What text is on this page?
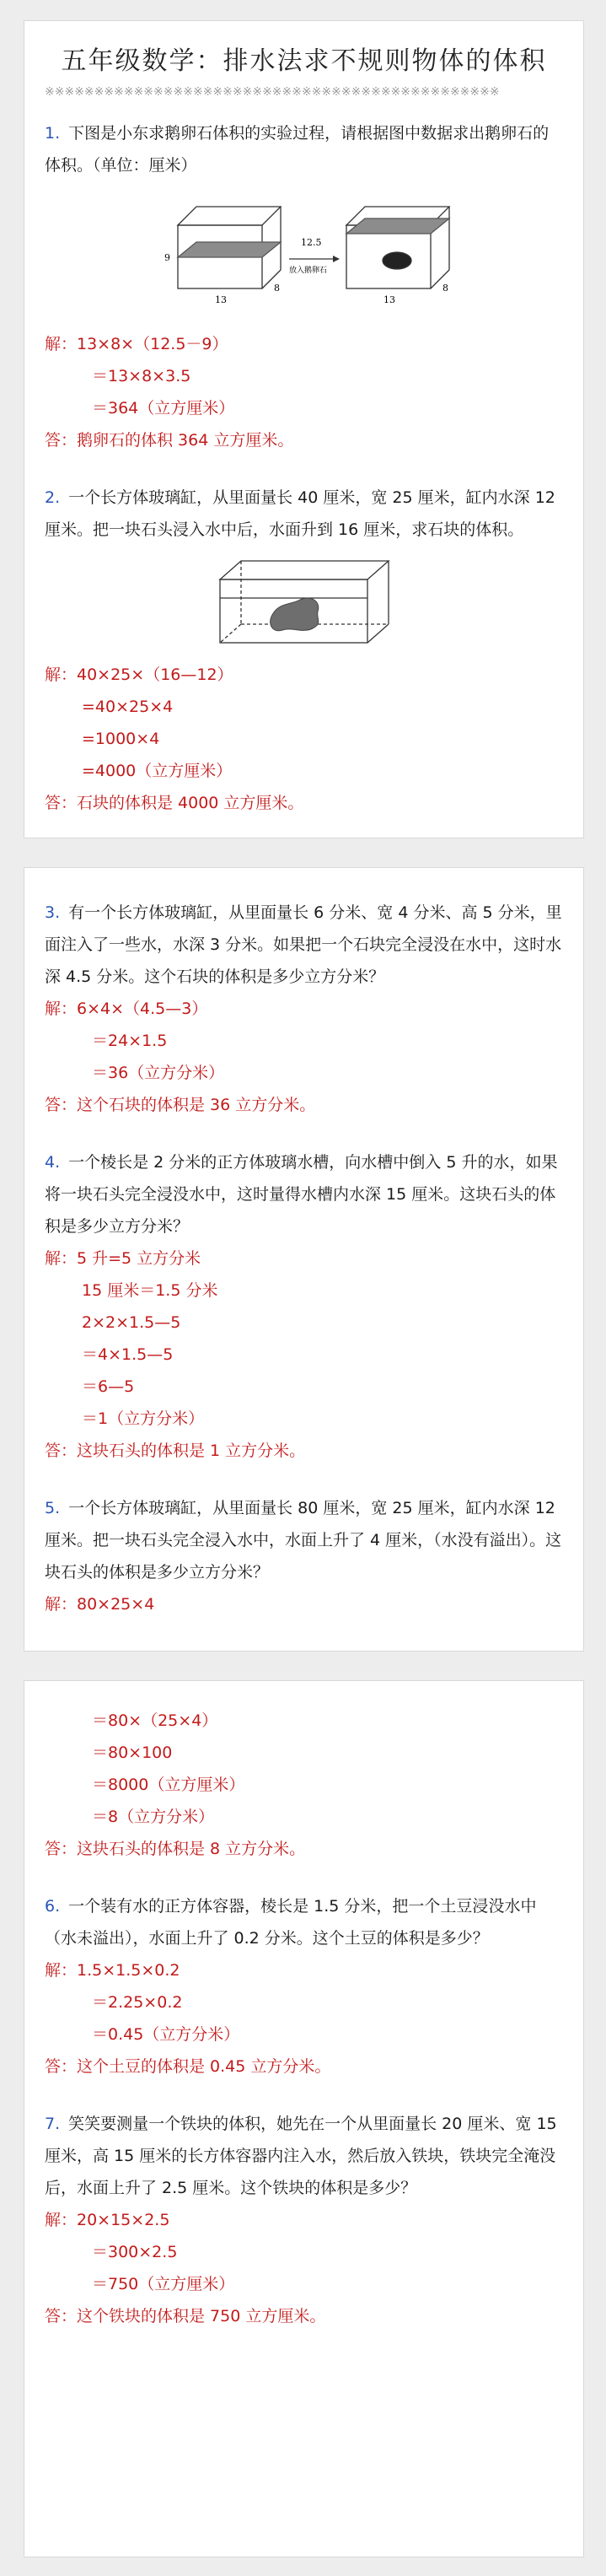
五年级数学：排水法求不规则物体的体积
※※※※※※※※※※※※※※※※※※※※※※※※※※※※※※※※※※※※※※※※※※※※※※

1. 下图是小东求鹅卵石体积的实验过程，请根据图中数据求出鹅卵石的体积。（单位：厘米）

9
13
8
12.5
放入鹅卵石
13
8
解：13×8×（12.5－9）
＝13×8×3.5
＝364（立方厘米）
答：鹅卵石的体积 364 立方厘米。

2. 一个长方体玻璃缸，从里面量长 40 厘米，宽 25 厘米，缸内水深 12 厘米。把一块石头浸入水中后，水面升到 16 厘米，求石块的体积。

解：40×25×（16—12）
=40×25×4
=1000×4
=4000（立方厘米）
答：石块的体积是 4000 立方厘米。

3. 有一个长方体玻璃缸，从里面量长 6 分米、宽 4 分米、高 5 分米，里面注入了一些水，水深 3 分米。如果把一个石块完全浸没在水中，这时水深 4.5 分米。这个石块的体积是多少立方分米？

解：6×4×（4.5—3）
＝24×1.5
＝36（立方分米）
答：这个石块的体积是 36 立方分米。

4. 一个棱长是 2 分米的正方体玻璃水槽，向水槽中倒入 5 升的水，如果将一块石头完全浸没水中，这时量得水槽内水深 15 厘米。这块石头的体积是多少立方分米？

解：5 升=5 立方分米
15 厘米＝1.5 分米
2×2×1.5—5
＝4×1.5—5
＝6—5
＝1（立方分米）
答：这块石头的体积是 1 立方分米。

5. 一个长方体玻璃缸，从里面量长 80 厘米，宽 25 厘米，缸内水深 12 厘米。把一块石头完全浸入水中，水面上升了 4 厘米，（水没有溢出）。这块石头的体积是多少立方分米？

解：80×25×4
＝80×（25×4）
＝80×100
＝8000（立方厘米）
＝8（立方分米）
答：这块石头的体积是 8 立方分米。

6. 一个装有水的正方体容器，棱长是 1.5 分米，把一个土豆浸没水中（水未溢出），水面上升了 0.2 分米。这个土豆的体积是多少？

解：1.5×1.5×0.2
＝2.25×0.2
＝0.45（立方分米）
答：这个土豆的体积是 0.45 立方分米。

7. 笑笑要测量一个铁块的体积，她先在一个从里面量长 20 厘米、宽 15 厘米，高 15 厘米的长方体容器内注入水，然后放入铁块，铁块完全淹没后，水面上升了 2.5 厘米。这个铁块的体积是多少？

解：20×15×2.5
＝300×2.5
＝750（立方厘米）
答：这个铁块的体积是 750 立方厘米。
